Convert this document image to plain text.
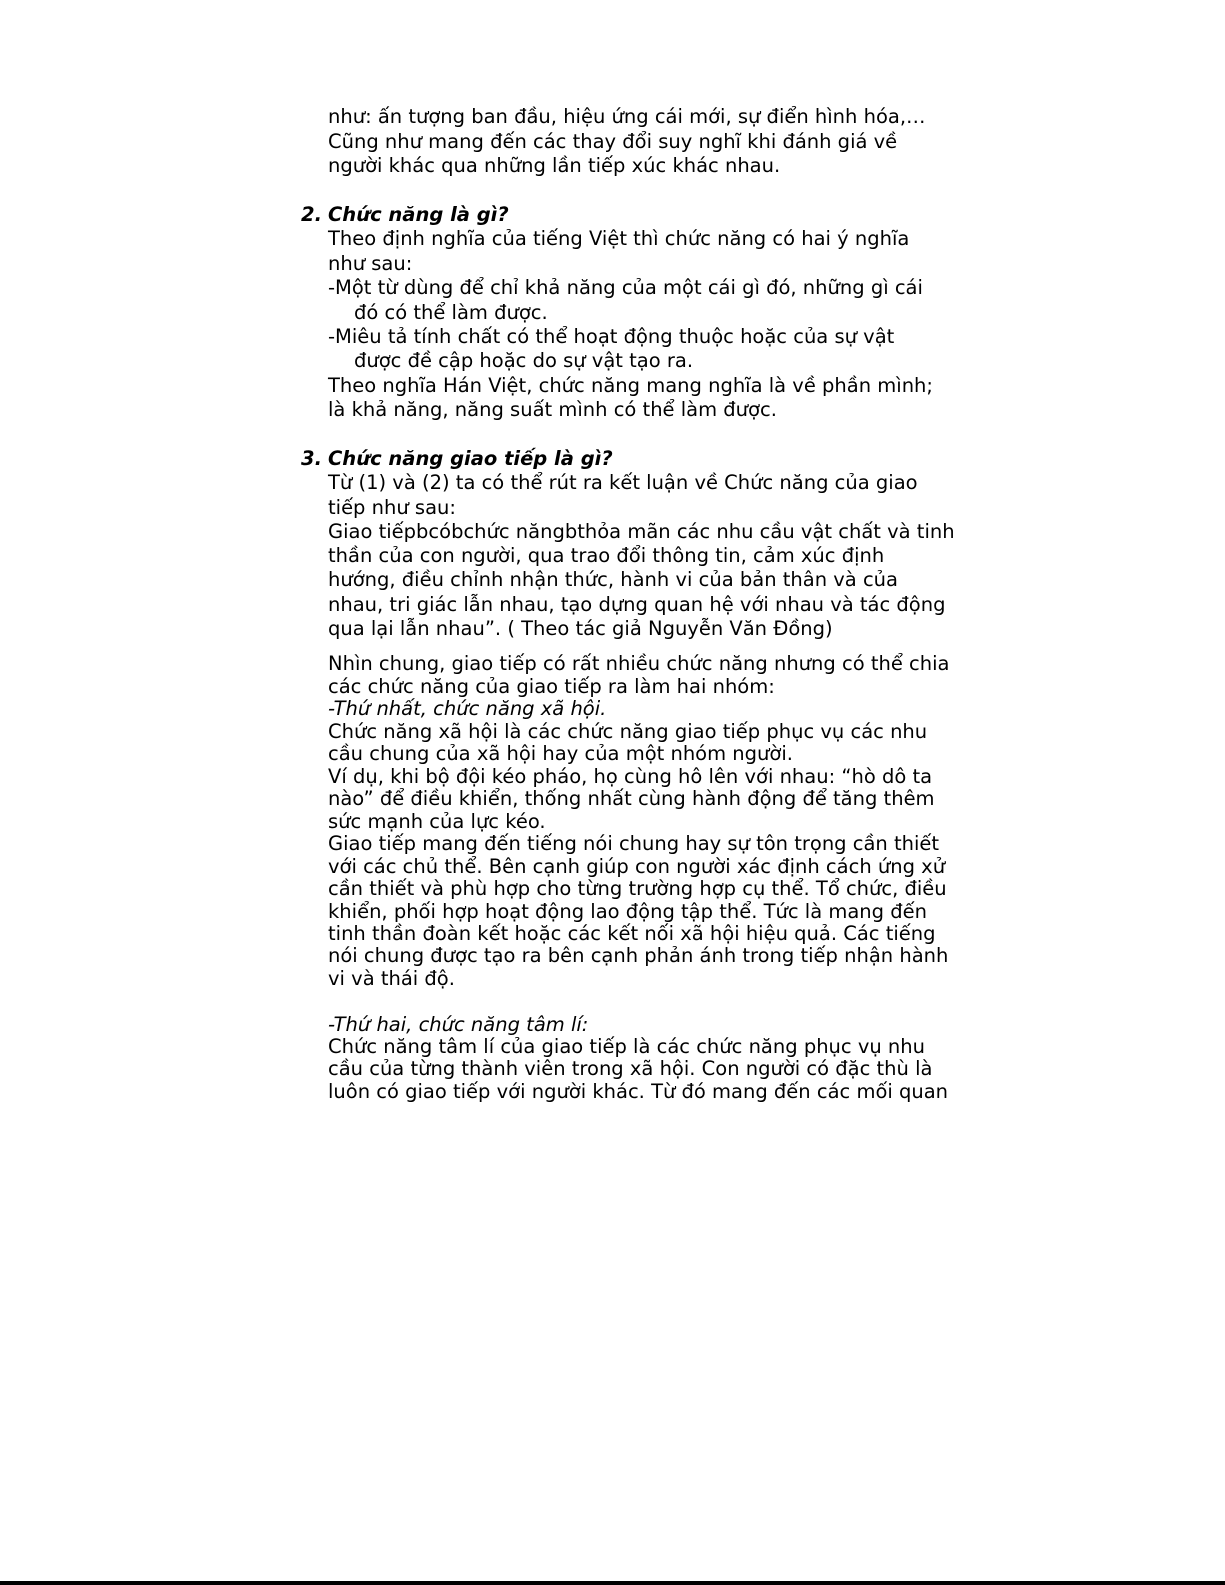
như: ấn tượng ban đầu, hiệu ứng cái mới, sự điển hình hóa,…
Cũng như mang đến các thay đổi suy nghĩ khi đánh giá về
người khác qua những lần tiếp xúc khác nhau.
2. Chức năng là gì?
Theo định nghĩa của tiếng Việt thì chức năng có hai ý nghĩa
như sau:
-Một từ dùng để chỉ khả năng của một cái gì đó, những gì cái
đó có thể làm được.
-Miêu tả tính chất có thể hoạt động thuộc hoặc của sự vật
được đề cập hoặc do sự vật tạo ra.
Theo nghĩa Hán Việt, chức năng mang nghĩa là về phần mình;
là khả năng, năng suất mình có thể làm được.
3. Chức năng giao tiếp là gì?
Từ (1) và (2) ta có thể rút ra kết luận về Chức năng của giao
tiếp như sau:
Giao tiếpbcóbchức năngbthỏa mãn các nhu cầu vật chất và tinh
thần của con người, qua trao đổi thông tin, cảm xúc định
hướng, điều chỉnh nhận thức, hành vi của bản thân và của
nhau, tri giác lẫn nhau, tạo dựng quan hệ với nhau và tác động
qua lại lẫn nhau”. ( Theo tác giả Nguyễn Văn Đồng)
Nhìn chung, giao tiếp có rất nhiều chức năng nhưng có thể chia
các chức năng của giao tiếp ra làm hai nhóm:
-Thứ nhất, chức năng xã hội.
Chức năng xã hội là các chức năng giao tiếp phục vụ các nhu
cầu chung của xã hội hay của một nhóm người.
Ví dụ, khi bộ đội kéo pháo, họ cùng hô lên với nhau: “hò dô ta
nào” để điều khiển, thống nhất cùng hành động để tăng thêm
sức mạnh của lực kéo.
Giao tiếp mang đến tiếng nói chung hay sự tôn trọng cần thiết
với các chủ thể. Bên cạnh giúp con người xác định cách ứng xử
cần thiết và phù hợp cho từng trường hợp cụ thể. Tổ chức, điều
khiển, phối hợp hoạt động lao động tập thể. Tức là mang đến
tinh thần đoàn kết hoặc các kết nối xã hội hiệu quả. Các tiếng
nói chung được tạo ra bên cạnh phản ánh trong tiếp nhận hành
vi và thái độ.
-Thứ hai, chức năng tâm lí:
Chức năng tâm lí của giao tiếp là các chức năng phục vụ nhu
cầu của từng thành viên trong xã hội. Con người có đặc thù là
luôn có giao tiếp với người khác. Từ đó mang đến các mối quan
